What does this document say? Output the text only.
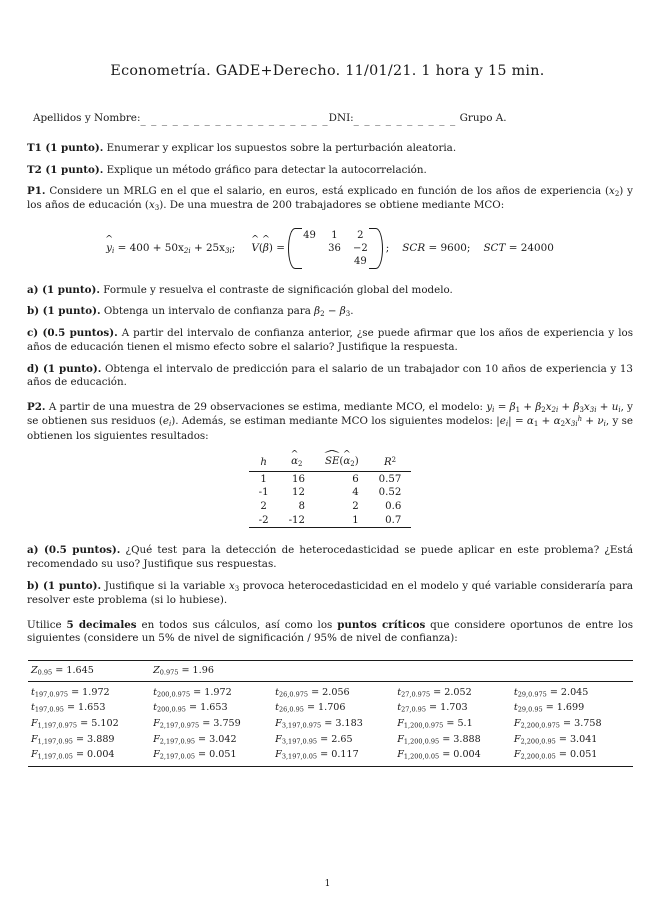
Econometría. GADE+Derecho. 11/01/21. 1 hora y 15 min.
Apellidos y Nombre:_ _ _ _ _ _ _ _ _ _ _ _ _ _ _ _ _ _DNI:_ _ _ _ _ _ _ _ _ _ Grupo A.

T1 (1 punto). Enumerar y explicar los supuestos sobre la perturbación aleatoria.

T2 (1 punto). Explique un método gráfico para detectar la autocorrelación.

P1. Considere un MRLG en el que el salario, en euros, está explicado en función de los años de experiencia $(x_2)$ y los años de educación $(x_3)$. De una muestra de 200 trabajadores se obtiene mediante MCO:

^ $y_i = 400 + 50x_{2i} + 25x_{3i}$; ^ V(^ β) =
49	1	2
	36	−2
		49
; SCR = 9600; SCT = 24000

a) (1 punto). Formule y resuelva el contraste de significación global del modelo.

b) (1 punto). Obtenga un intervalo de confianza para $\beta_2 - \beta_3$.

c) (0.5 puntos). A partir del intervalo de confianza anterior, ¿se puede afirmar que los años de experiencia y los años de educación tienen el mismo efecto sobre el salario? Justifique la respuesta.

d) (1 punto). Obtenga el intervalo de predicción para el salario de un trabajador con 10 años de experiencia y 13 años de educación.

P2. A partir de una muestra de 29 observaciones se estima, mediante MCO, el modelo: $y_i = \beta_1 + \beta_2x_{2i} + \beta_3x_{3i} + u_i$, y se obtienen sus residuos $(e_i)$. Además, se estiman mediante MCO los siguientes modelos: $|e_i| = \alpha_1 + \alpha_2x_{3i}^h + \nu_i$, y se obtienen los siguientes resultados:

h	^ $\alpha_2$	^ SE(^ $\alpha_2$)	$R^2$
1	16	6	0.57
-1	12	4	0.52
2	8	2	0.6
-2	-12	1	0.7

a) (0.5 puntos). ¿Qué test para la detección de heterocedasticidad se puede aplicar en este problema? ¿Está recomendado su uso? Justifique sus respuestas.

b) (1 punto). Justifique si la variable $x_3$ provoca heterocedasticidad en el modelo y qué variable consideraría para resolver este problema (si lo hubiese).

Utilice 5 decimales en todos sus cálculos, así como los puntos críticos que considere oportunos de entre los siguientes (considere un 5% de nivel de significación / 95% de nivel de confianza):

$Z_{0.95} = 1.645$	$Z_{0.975} = 1.96$			
$t_{197,0.975} = 1.972$	$t_{200,0.975} = 1.972$	$t_{26,0.975} = 2.056$	$t_{27,0.975} = 2.052$	$t_{29,0.975} = 2.045$
$t_{197,0.95} = 1.653$	$t_{200,0.95} = 1.653$	$t_{26,0.95} = 1.706$	$t_{27,0.95} = 1.703$	$t_{29,0.95} = 1.699$
$F_{1,197,0.975} = 5.102$	$F_{2,197,0.975} = 3.759$	$F_{3,197,0.975} = 3.183$	$F_{1,200,0.975} = 5.1$	$F_{2,200,0.975} = 3.758$
$F_{1,197,0.95} = 3.889$	$F_{2,197,0.95} = 3.042$	$F_{3,197,0.95} = 2.65$	$F_{1,200,0.95} = 3.888$	$F_{2,200,0.95} = 3.041$
$F_{1,197,0.05} = 0.004$	$F_{2,197,0.05} = 0.051$	$F_{3,197,0.05} = 0.117$	$F_{1,200,0.05} = 0.004$	$F_{2,200,0.05} = 0.051$
1
